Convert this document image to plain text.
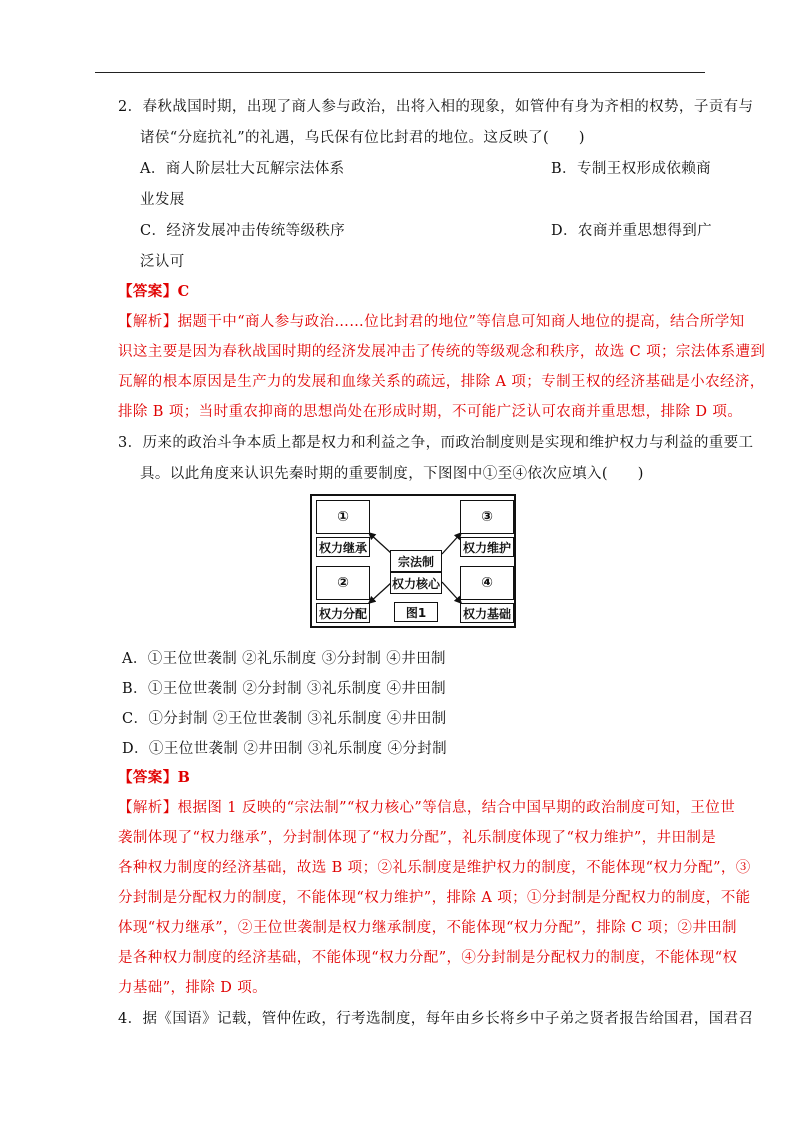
2．春秋战国时期，出现了商人参与政治，出将入相的现象，如管仲有身为齐相的权势，子贡有与
诸侯“分庭抗礼”的礼遇，乌氏保有位比封君的地位。这反映了(　　)
A．商人阶层壮大瓦解宗法体系	B．专制王权形成依赖商
业发展
C．经济发展冲击传统等级秩序	D．农商并重思想得到广
泛认可
【答案】C
【解析】据题干中“商人参与政治……位比封君的地位”等信息可知商人地位的提高，结合所学知
识这主要是因为春秋战国时期的经济发展冲击了传统的等级观念和秩序，故选 C 项；宗法体系遭到
瓦解的根本原因是生产力的发展和血缘关系的疏远，排除 A 项；专制王权的经济基础是小农经济，
排除 B 项；当时重农抑商的思想尚处在形成时期，不可能广泛认可农商并重思想，排除 D 项。
3．历来的政治斗争本质上都是权力和利益之争，而政治制度则是实现和维护权力与利益的重要工
具。以此角度来认识先秦时期的重要制度，下图图中①至④依次应填入(　　)
①
权力继承
②
权力分配
③
权力维护
④
权力基础
宗法制
权力核心
图1
A．①王位世袭制 ②礼乐制度 ③分封制 ④井田制
B．①王位世袭制 ②分封制 ③礼乐制度 ④井田制
C．①分封制 ②王位世袭制 ③礼乐制度 ④井田制
D．①王位世袭制 ②井田制 ③礼乐制度 ④分封制
【答案】B
【解析】根据图 1 反映的“宗法制”“权力核心”等信息，结合中国早期的政治制度可知，王位世
袭制体现了“权力继承”，分封制体现了“权力分配”，礼乐制度体现了“权力维护”，井田制是
各种权力制度的经济基础，故选 B 项；②礼乐制度是维护权力的制度，不能体现“权力分配”，③
分封制是分配权力的制度，不能体现“权力维护”，排除 A 项；①分封制是分配权力的制度，不能
体现“权力继承”，②王位世袭制是权力继承制度，不能体现“权力分配”，排除 C 项；②井田制
是各种权力制度的经济基础，不能体现“权力分配”，④分封制是分配权力的制度，不能体现“权
力基础”，排除 D 项。
4．据《国语》记载，管仲佐政，行考选制度，每年由乡长将乡中子弟之贤者报告给国君，国君召
